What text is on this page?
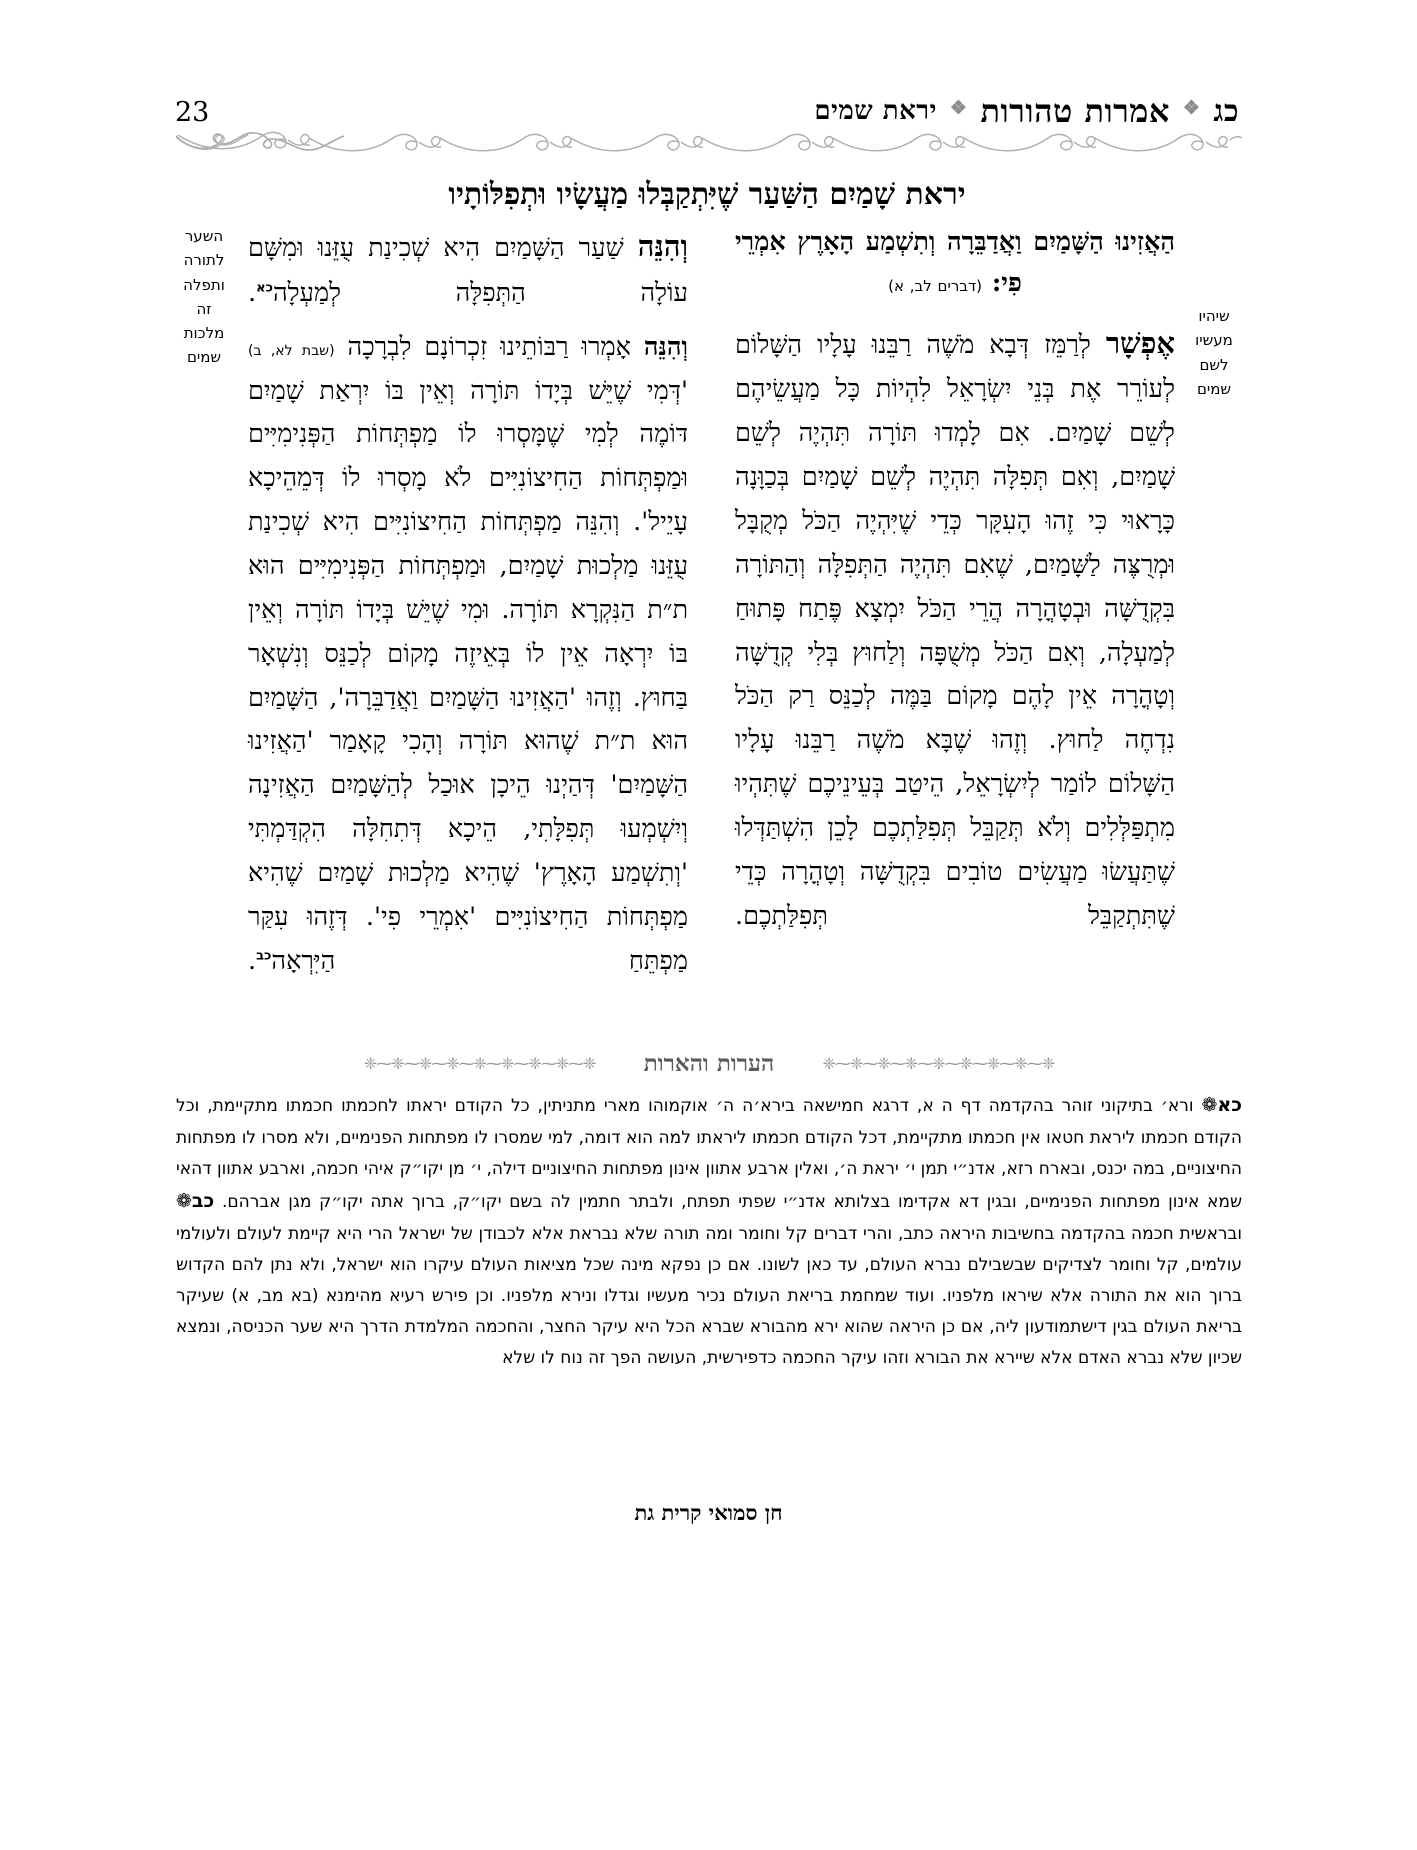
כג
❖
אמרות טהורות
❖
יראת שמים
23
יראת שָׁמַיִם הַשַּׁעַר שֶׁיִּתְקַבְּלוּ מַעֲשָׂיו וּתְפִלּוֹתָיו
שיהיו מעשיו לשם שמים
השער לתורה ותפלה זה מלכות שמים
הַאֲזִינוּ הַשָּׁמַיִם וַאֲדַבֵּרָה וְתִשְׁמַע הָאָרֶץ אִמְרֵי פִי: (דברים לב, א)
אֶפְשָׁר לְרַמֵּז דְּבָא מֹשֶׁה רַבֵּנוּ עָלָיו הַשָּׁלוֹם לְעוֹרֵר אֶת בְּנֵי יִשְׂרָאֵל לִהְיוֹת כָּל מַעֲשֵׂיהֶם לְשֵׁם שָׁמַיִם. אִם לָמְדוּ תּוֹרָה תִּהְיֶה לְשֵׁם שָׁמַיִם, וְאִם תְּפִלָּה תִּהְיֶה לְשֵׁם שָׁמַיִם בְּכַוָּנָה כָּרָאוּי כִּי זֶהוּ הָעִקָּר כְּדֵי שֶׁיִּהְיֶה הַכֹּל מְקֻבָּל וּמְרֻצֶּה לַשָּׁמַיִם, שֶׁאִם תִּהְיֶה הַתְּפִלָּה וְהַתּוֹרָה בִּקְדֻשָּׁה וּבְטָהֳרָה הֲרֵי הַכֹּל יִמְצָא פֶּתַח פָּתוּחַ לְמַעְלָה, וְאִם הַכֹּל מְשֻׁפָּה וְלַחוּץ בְּלִי קְדֻשָּׁה וְטָהֳרָה אֵין לָהֶם מָקוֹם בַּמֶּה לְכַנֵּס רַק הַכֹּל נִדְחֶה לַחוּץ. וְזֶהוּ שֶׁבָּא מֹשֶׁה רַבֵּנוּ עָלָיו הַשָּׁלוֹם לוֹמַר לְיִשְׂרָאֵל, הֵיטַב בְּעֵינֵיכֶם שֶׁתִּהְיוּ מִתְפַּלְּלִים וְלֹא תְּקַבֵּל תְּפִלַּתְכֶם לָכֵן הִשְׁתַּדְּלוּ שֶׁתַּעֲשׂוּ מַעֲשִׂים טוֹבִים בִּקְדֻשָּׁה וְטָהֳרָה כְּדֵי שֶׁתִּתְקַבֵּל תְּפִלַּתְכֶם.
וְהִנֵּה שַׁעַר הַשָּׁמַיִם הִיא שְׁכִינַת עֻזֵּנוּ וּמִשָּׁם עוֹלָה הַתְּפִלָּה לְמַעְלָה$^{כא}$.
וְהִנֵּה אָמְרוּ רַבּוֹתֵינוּ זִכְרוֹנָם לִבְרָכָה (שבת לא, ב) 'דְּמִי שֶׁיֵּשׁ בְּיָדוֹ תּוֹרָה וְאֵין בּוֹ יִרְאַת שָׁמַיִם דּוֹמֶה לְמִי שֶׁמָּסְרוּ לוֹ מַפְתְּחוֹת הַפְּנִימִיִּים וּמַפְתְּחוֹת הַחִיצוֹנִיִּים לֹא מָסְרוּ לוֹ דְּמֵהֵיכָא עָיֵיל'. וְהִנֵּה מַפְתְּחוֹת הַחִיצוֹנִיִּים הִיא שְׁכִינַת עֻזֵּנוּ מַלְכוּת שָׁמַיִם, וּמַפְתְּחוֹת הַפְּנִימִיִּים הוּא ת״ת הַנִּקְרָא תּוֹרָה. וּמִי שֶׁיֵּשׁ בְּיָדוֹ תּוֹרָה וְאֵין בּוֹ יִרְאָה אֵין לוֹ בְּאֵיזֶה מָקוֹם לְכַנֵּס וְנִשְׁאָר בַּחוּץ. וְזֶהוּ 'הַאֲזִינוּ הַשָּׁמַיִם וַאֲדַבֵּרָה', הַשָּׁמַיִם הוּא ת״ת שֶׁהוּא תּוֹרָה וְהָכִי קָאָמַר 'הַאֲזִינוּ הַשָּׁמַיִם' דְּהַיְנוּ הֵיכָן אוּכַל לְהַשָּׁמַיִם הַאֲזִינָה וְיִשְׁמְעוּ תְּפִלָּתִי, הֵיכָא דְּתִחִלָּה הִקְדַּמְתִּי 'וְתִשְׁמַע הָאָרֶץ' שֶׁהִיא מַלְכוּת שָׁמַיִם שֶׁהִיא מַפְתְּחוֹת הַחִיצוֹנִיִּים 'אִמְרֵי פִי'. דְּזֶהוּ עִקַּר מַפְתֵּחַ הַיִּרְאָה$^{כב}$.
❈⁓❈⁓❈⁓❈⁓❈⁓❈⁓❈⁓❈⁓❈
הערות והארות
❈⁓❈⁓❈⁓❈⁓❈⁓❈⁓❈⁓❈⁓❈

כא❁ ורא׳ בתיקוני זוהר בהקדמה דף ה א, דרגא חמישאה בירא׳ה ה׳ אוקמוהו מארי מתניתין, כל הקודם יראתו לחכמתו חכמתו מתקיימת, וכל הקודם חכמתו ליראת חטאו אין חכמתו מתקיימת, דכל הקודם חכמתו ליראתו למה הוא דומה, למי שמסרו לו מפתחות הפנימיים, ולא מסרו לו מפתחות החיצוניים, במה יכנס, ובארח רזא, אדנ״י תמן י׳ יראת ה׳, ואלין ארבע אתוון אינון מפתחות החיצוניים דילה, י׳ מן יקו״ק איהי חכמה, וארבע אתוון דהאי שמא אינון מפתחות הפנימיים, ובגין דא אקדימו בצלותא אדנ״י שפתי תפתח, ולבתר חתמין לה בשם יקו״ק, ברוך אתה יקו״ק מגן אברהם. כב❁ ובראשית חכמה בהקדמה בחשיבות היראה כתב, והרי דברים קל וחומר ומה תורה שלא נבראת אלא לכבודן של ישראל הרי היא קיימת לעולם ולעולמי עולמים, קל וחומר לצדיקים שבשבילם נברא העולם, עד כאן לשונו. אם כן נפקא מינה שכל מציאות העולם עיקרו הוא ישראל, ולא נתן להם הקדוש ברוך הוא את התורה אלא שיראו מלפניו. ועוד שמחמת בריאת העולם נכיר מעשיו וגדלו ונירא מלפניו. וכן פירש רעיא מהימנא (בא מב, א) שעיקר בריאת העולם בגין דישתמודעון ליה, אם כן היראה שהוא ירא מהבורא שברא הכל היא עיקר החצר, והחכמה המלמדת הדרך היא שער הכניסה, ונמצא שכיון שלא נברא האדם אלא שיירא את הבורא וזהו עיקר החכמה כדפירשית, העושה הפך זה נוח לו שלא

חן סמואי קרית גת
